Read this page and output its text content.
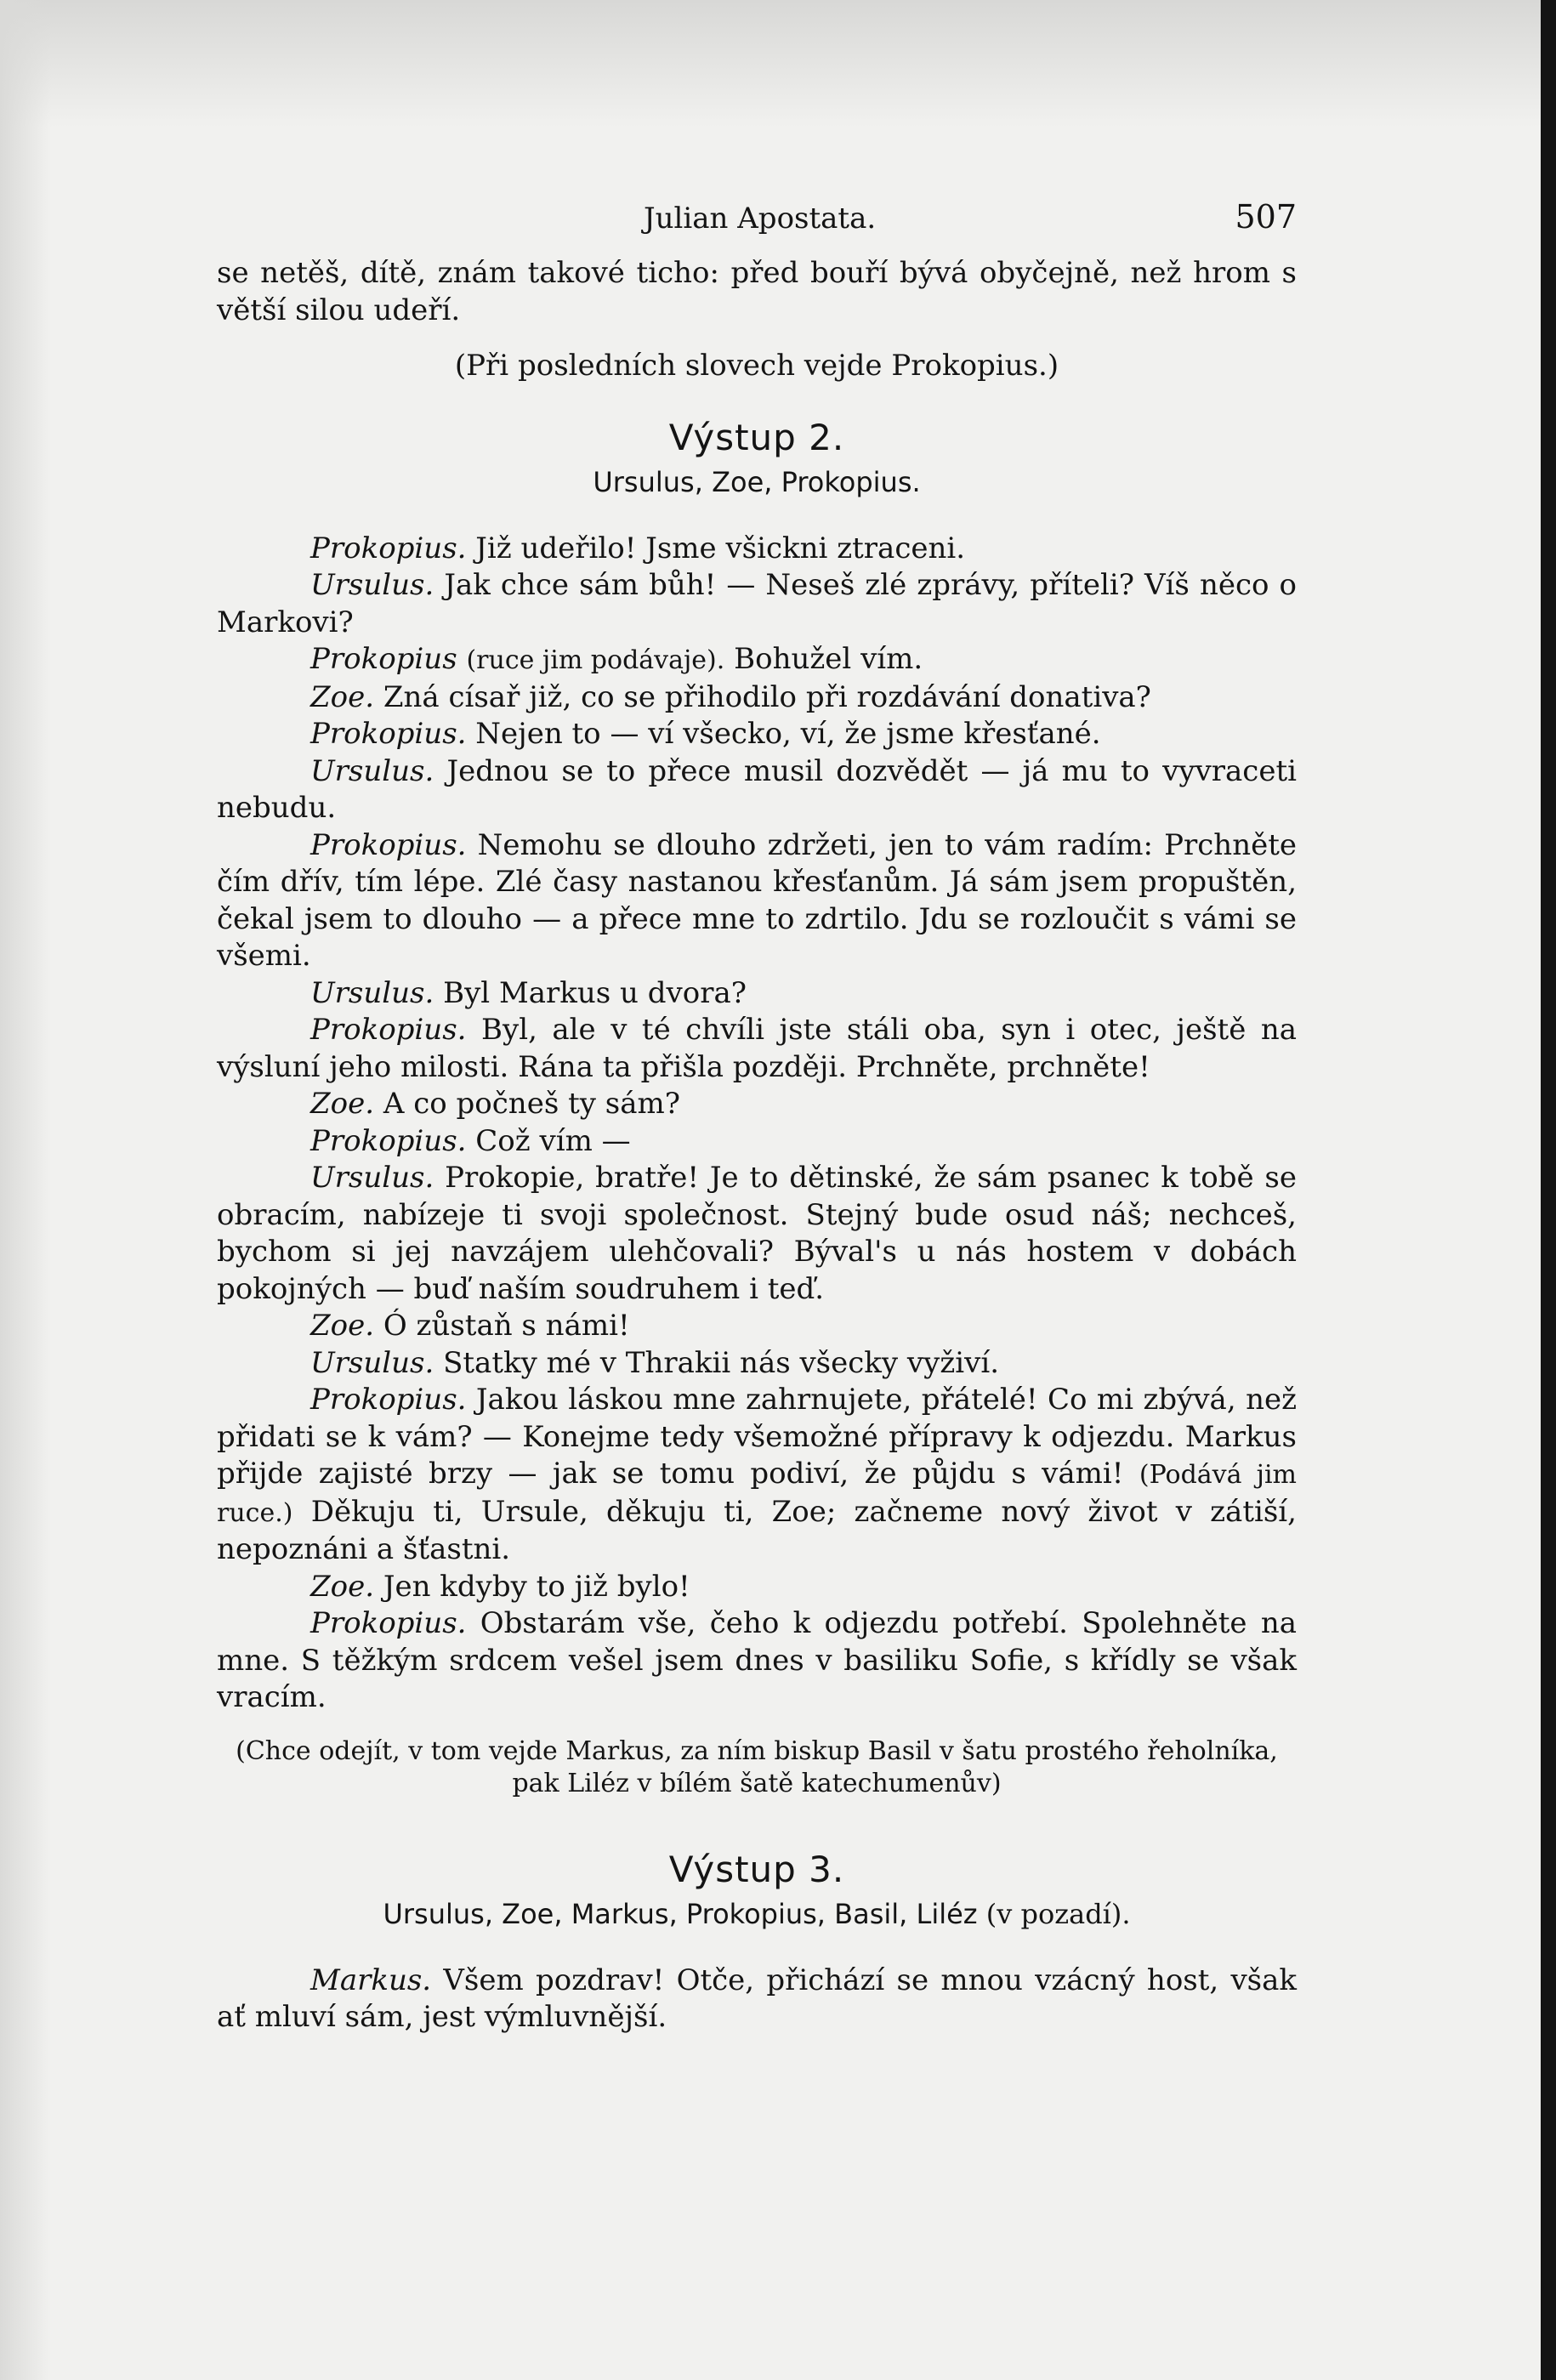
Julian Apostata.	507

se netěš, dítě, znám takové ticho: před bouří bývá obyčejně, než hrom s větší silou udeří.

(Při posledních slovech vejde Prokopius.)

Výstup 2.

Ursulus, Zoe, Prokopius.

Prokopius. Již udeřilo! Jsme všickni ztraceni.

Ursulus. Jak chce sám bůh! — Neseš zlé zprávy, příteli? Víš něco o Markovi?

Prokopius (ruce jim podávaje). Bohužel vím.

Zoe. Zná císař již, co se přihodilo při rozdávání donativa?

Prokopius. Nejen to — ví všecko, ví, že jsme křesťané.

Ursulus. Jednou se to přece musil dozvědět — já mu to vyvraceti nebudu.

Prokopius. Nemohu se dlouho zdržeti, jen to vám radím: Prchněte čím dřív, tím lépe. Zlé časy nastanou křesťanům. Já sám jsem propuštěn, čekal jsem to dlouho — a přece mne to zdrtilo. Jdu se rozloučit s vámi se všemi.

Ursulus. Byl Markus u dvora?

Prokopius. Byl, ale v té chvíli jste stáli oba, syn i otec, ještě na výsluní jeho milosti. Rána ta přišla později. Prchněte, prchněte!

Zoe. A co počneš ty sám?

Prokopius. Což vím —

Ursulus. Prokopie, bratře! Je to dětinské, že sám psanec k tobě se obracím, nabízeje ti svoji společnost. Stejný bude osud náš; nechceš, bychom si jej navzájem ulehčovali? Býval's u nás hostem v dobách pokojných — buď naším soudruhem i teď.

Zoe. Ó zůstaň s námi!

Ursulus. Statky mé v Thrakii nás všecky vyživí.

Prokopius. Jakou láskou mne zahrnujete, přátelé! Co mi zbývá, než přidati se k vám? — Konejme tedy všemožné přípravy k odjezdu. Markus přijde zajisté brzy — jak se tomu podiví, že půjdu s vámi! (Podává jim ruce.) Děkuju ti, Ursule, děkuju ti, Zoe; začneme nový život v zátiší, nepoznáni a šťastni.

Zoe. Jen kdyby to již bylo!

Prokopius. Obstarám vše, čeho k odjezdu potřebí. Spolehněte na mne. S těžkým srdcem vešel jsem dnes v basiliku Sofie, s křídly se však vracím.

(Chce odejít, v tom vejde Markus, za ním biskup Basil v šatu prostého řeholníka, pak Liléz v bílém šatě katechumenův)

Výstup 3.

Ursulus, Zoe, Markus, Prokopius, Basil, Liléz (v pozadí).

Markus. Všem pozdrav! Otče, přichází se mnou vzácný host, však ať mluví sám, jest výmluvnější.
